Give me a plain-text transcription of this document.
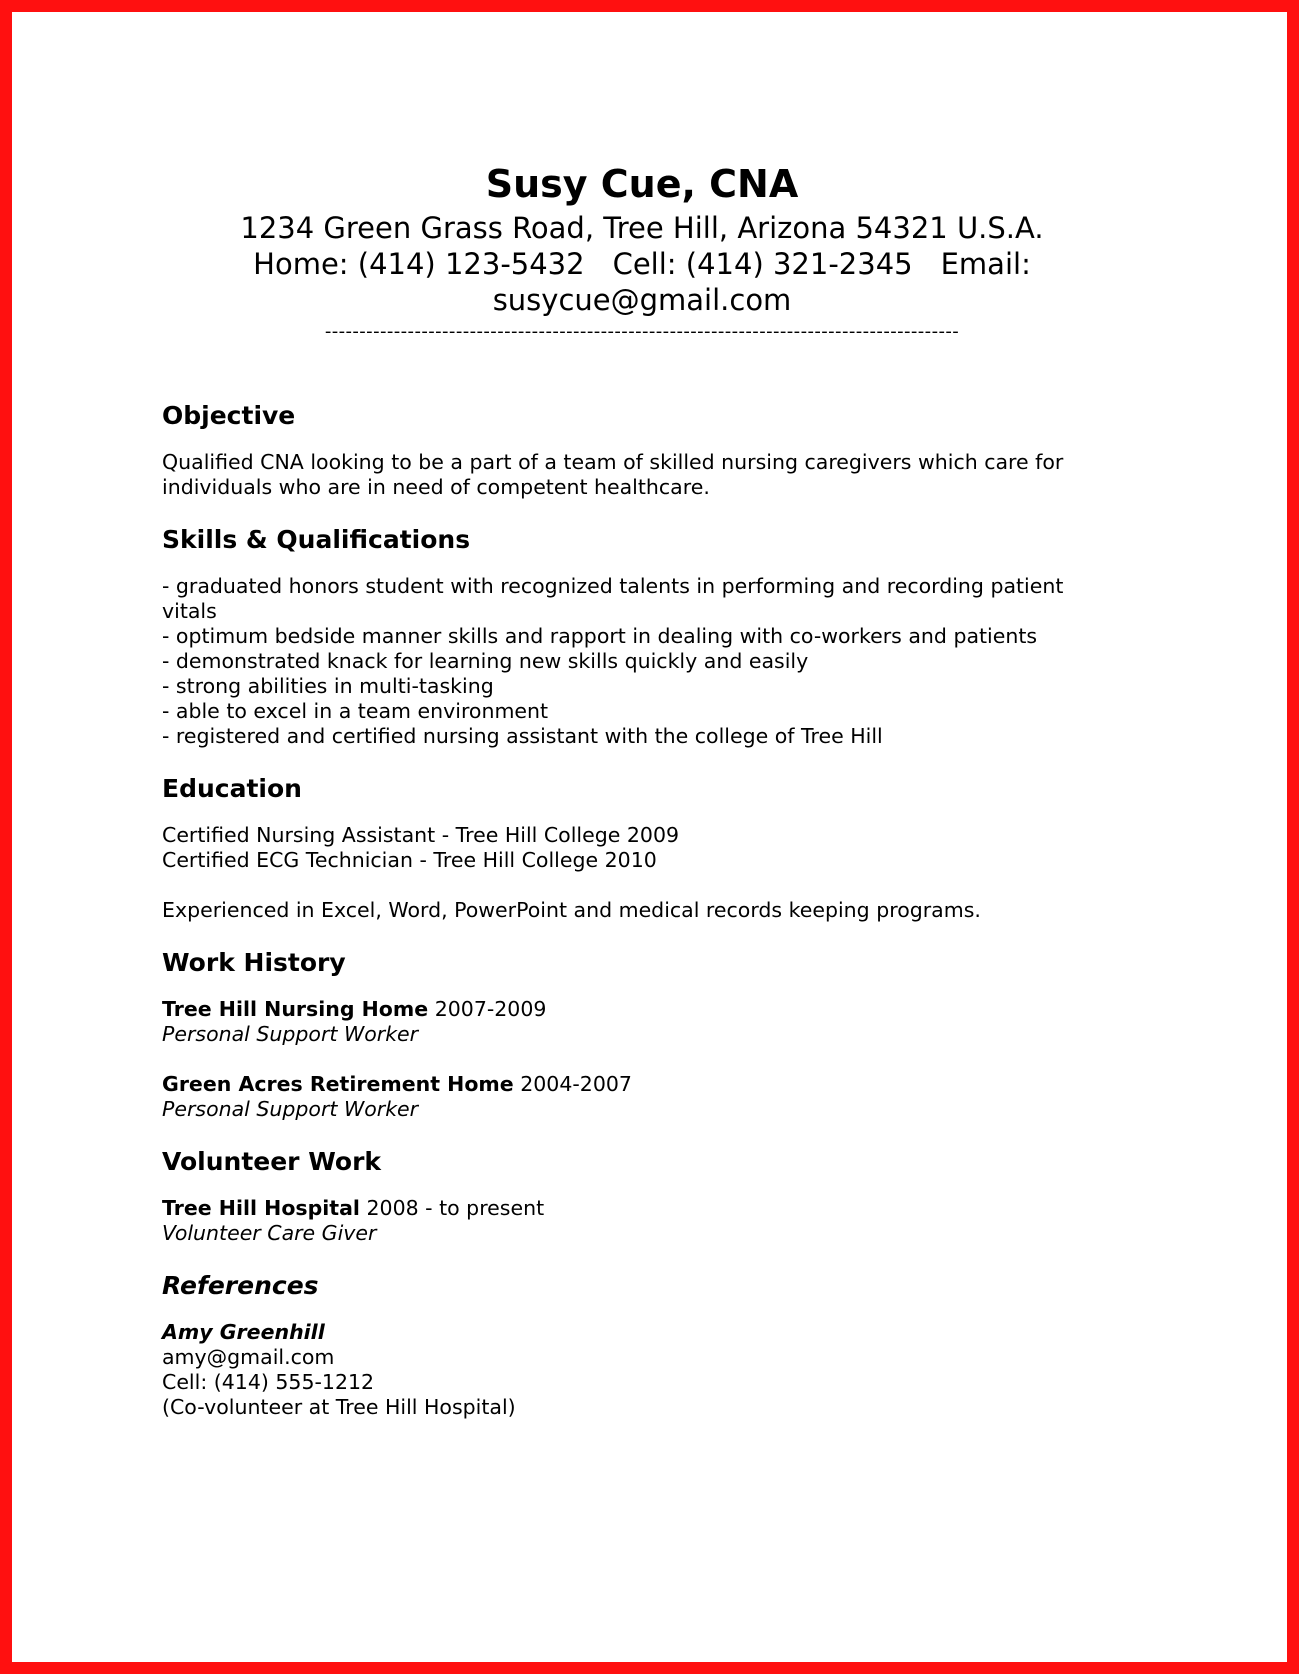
Susy Cue, CNA

1234 Green Grass Road, Tree Hill, Arizona 54321 U.S.A.

Home: (414) 123-5432 Cell: (414) 321-2345 Email:

susycue@gmail.com

--------------------------------------------------------------------------------------------

Objective

Qualified CNA looking to be a part of a team of skilled nursing caregivers which care for

individuals who are in need of competent healthcare.

Skills & Qualifications

- graduated honors student with recognized talents in performing and recording patient

vitals

- optimum bedside manner skills and rapport in dealing with co-workers and patients

- demonstrated knack for learning new skills quickly and easily

- strong abilities in multi-tasking

- able to excel in a team environment

- registered and certified nursing assistant with the college of Tree Hill

Education

Certified Nursing Assistant - Tree Hill College 2009

Certified ECG Technician - Tree Hill College 2010

Experienced in Excel, Word, PowerPoint and medical records keeping programs.

Work History

Tree Hill Nursing Home 2007-2009

Personal Support Worker

Green Acres Retirement Home 2004-2007

Personal Support Worker

Volunteer Work

Tree Hill Hospital 2008 - to present

Volunteer Care Giver

References

Amy Greenhill

amy@gmail.com

Cell: (414) 555-1212

(Co-volunteer at Tree Hill Hospital)
